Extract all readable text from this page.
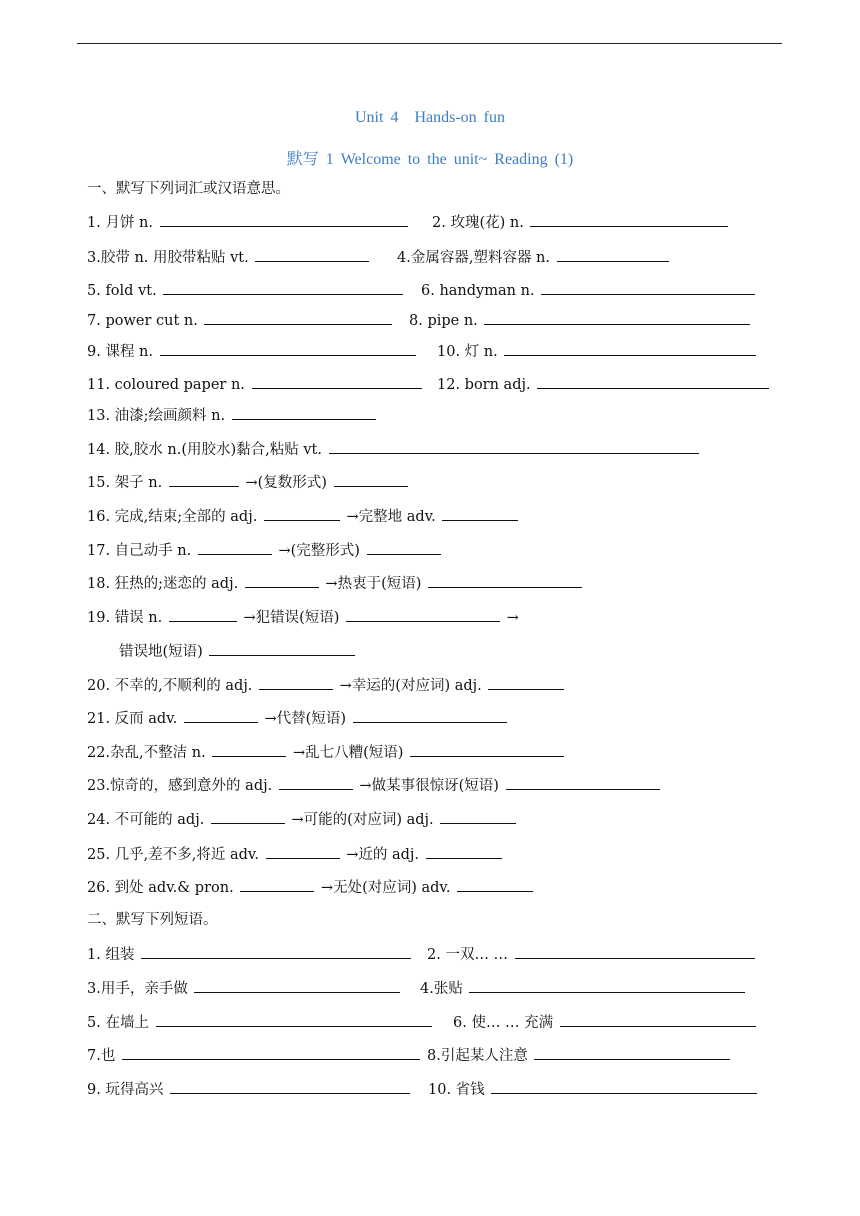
Unit 4　Hands-on fun
默写 1 Welcome to the unit~ Reading (1)
一、默写下列词汇或汉语意思。
1. 月饼 n.	2. 玫瑰(花) n.
3.胶带 n. 用胶带粘贴 vt.	4.金属容器,塑料容器 n.
5. fold vt.	6. handyman n.
7. power cut n.	8. pipe n.
9. 课程 n.	10. 灯 n.
11. coloured paper n.	12. born adj.
13. 油漆;绘画颜料 n.
14. 胶,胶水 n.(用胶水)黏合,粘贴 vt.
15. 架子 n.	→(复数形式)
16. 完成,结束;全部的 adj.	→完整地 adv.
17. 自己动手 n.	→(完整形式)
18. 狂热的;迷恋的 adj.	→热衷于(短语)
19. 错误 n.	→犯错误(短语)	→
错误地(短语)
20. 不幸的,不顺利的 adj.	→幸运的(对应词) adj.
21. 反而 adv.	→代替(短语)
22.杂乱,不整洁 n.	→乱七八糟(短语)
23.惊奇的，感到意外的 adj.	→做某事很惊讶(短语)
24. 不可能的 adj.	→可能的(对应词) adj.
25. 几乎,差不多,将近 adv.	→近的 adj.
26. 到处 adv.& pron.	→无处(对应词) adv.
二、默写下列短语。
1. 组装	2. 一双… …
3.用手，亲手做	4.张贴
5. 在墙上	6. 使… … 充满
7.也	8.引起某人注意
9. 玩得高兴	10. 省钱
